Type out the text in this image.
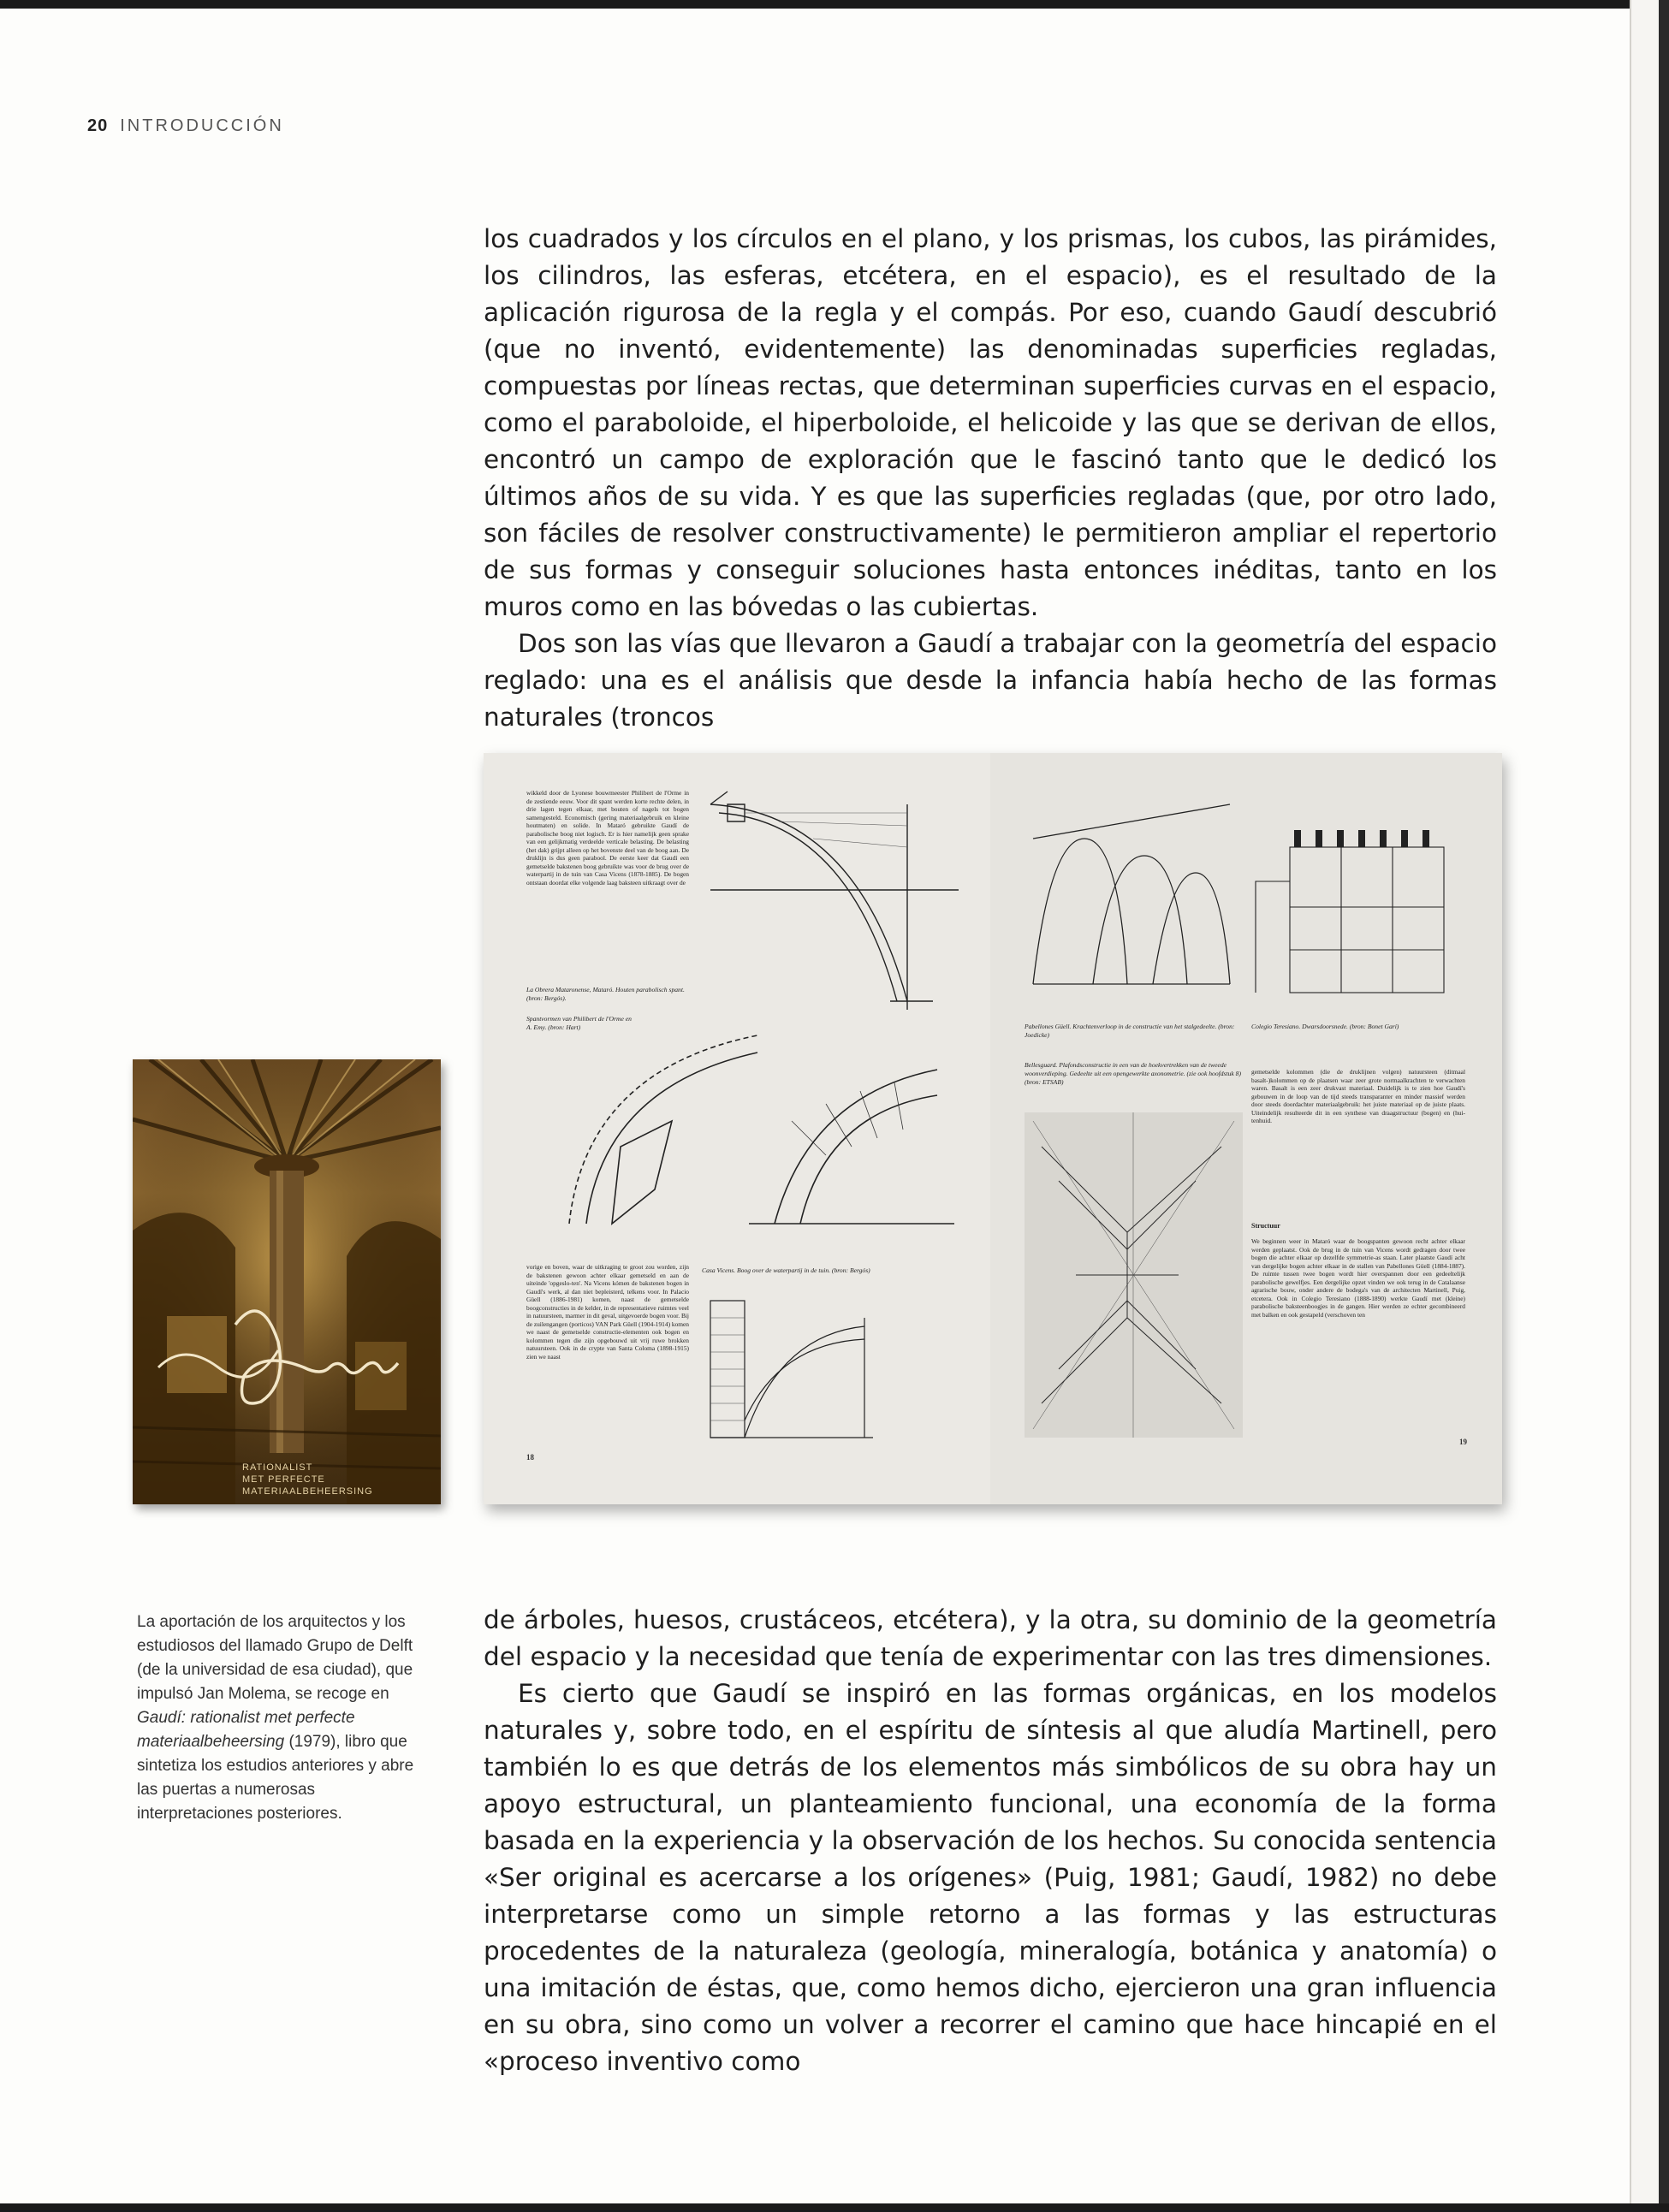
20 INTRODUCCIÓN

los cuadrados y los círculos en el plano, y los prismas, los cubos, las pirámides, los cilindros, las esferas, etcétera, en el espacio), es el resultado de la aplicación rigurosa de la regla y el compás. Por eso, cuando Gaudí descubrió (que no inventó, evidentemente) las denominadas superficies regladas, compuestas por líneas rectas, que determinan superficies curvas en el espacio, como el paraboloide, el hiperboloide, el helicoide y las que se derivan de ellos, encontró un campo de exploración que le fascinó tanto que le dedicó los últimos años de su vida. Y es que las superficies regladas (que, por otro lado, son fáciles de resolver constructivamente) le permitieron ampliar el repertorio de sus formas y conseguir soluciones hasta entonces inéditas, tanto en los muros como en las bóvedas o las cubiertas.

Dos son las vías que llevaron a Gaudí a trabajar con la geometría del espacio reglado: una es el análisis que desde la infancia había hecho de las formas naturales (troncos

RATIONALIST
MET PERFECTE MATERIAALBEHEERSING
wikkeld door de Lyonese bouwmeester Philibert de l'Orme in de zestiende eeuw. Voor dit spant werden korte rechte delen, in drie lagen tegen elkaar, met bouten of nagels tot bogen samengesteld. Economisch (gering materiaalgebruik en kleine houtmaten) en solide. In Mataró gebruikte Gaudí de parabolische boog niet logisch. Er is hier namelijk geen sprake van een gelijkmatig verdeelde verticale belasting. De belasting (het dak) grijpt alleen op het bovenste deel van de boog aan. De druklijn is dus geen parabool. De eerste keer dat Gaudí een gemetselde bakstenen boog gebruikte was voor de brug over de waterpartij in de tuin van Casa Vicens (1878-1885). De bogen ontstaan doordat elke volgende laag baksteen uitkraagt over de
La Obrera Mataronense, Mataró. Houten parabolisch spant. (bron: Bergós).
Spantvormen van Philibert de l'Orme en A. Emy. (bron: Hart)
vorige en boven, waar de uitkraging te groot zou worden, zijn de bakstenen gewoon achter elkaar gemetseld en aan de uiteinde 'opgeslo-ten'. Na Vicens kómen de bakstenen bogen in Gaudí's werk, al dan niet bepleisterd, telkens voor. In Palacio Güell (1886-1981) komen, naast de gemetselde boogconstructies in de kelder, in de representatieve ruimtes veel in natuursteen, marmer in dit geval, uitgevoerde bogen voor. Bij de zuilengangen (porticos) VAN Park Güell (1904-1914) komen we naast de gemetselde constructie-elementen ook bogen en kolommen tegen die zijn opgebouwd uit vrij ruwe brokken natuursteen. Ook in de crypte van Santa Coloma (1898-1915) zien we naast
Casa Vicens. Boog over de waterpartij in de tuin. (bron: Bergós)
18
Pabellones Güell. Krachtenverloop in de constructie van het stalgedeelte. (bron: Joedicke)
Colegio Teresiano. Dwarsdoorsnede. (bron: Bonet Garí)
Bellesguard. Plafondsconstructie in een van de hoekvertrekken van de tweede woonverdieping. Gedeelte uit een opengewerkte axonometrie. (zie ook hoofdstuk 8) (bron: ETSAB)
gemetselde kolommen (die de druklijnen volgen) natuursteen (ditmaal basalt-)kolommen op de plaatsen waar zeer grote normaalkrachten te verwachten waren. Basalt is een zeer drukvast materiaal. Duidelijk is te zien hoe Gaudí's gebouwen in de loop van de tijd steeds transparanter en minder massief werden door steeds doordachter materiaalgebruik: het juiste materiaal op de juiste plaats. Uiteindelijk resulteerde dit in een synthese van draagstructuur (bogen) en (hui-tenhuid.
Structuur
We beginnen weer in Mataró waar de boogspanten gewoon recht achter elkaar werden geplaatst. Ook de brug in de tuin van Vicens wordt gedragen door twee bogen die achter elkaar op dezelfde symmetrie-as staan. Later plaatste Gaudí acht van dergelijke bogen achter elkaar in de stallen van Pabellones Güell (1884-1887). De ruimte tussen twee bogen wordt hier overspannen door een gedeeltelijk parabolische gewelfjes. Een dergelijke opzet vinden we ook terug in de Catalaanse agrarische bouw, onder andere de bodega's van de architecten Martinell, Puig, etcetera. Ook in Colegio Teresiano (1888-1890) werkte Gaudí met (kleine) parabolische baksteenboogjes in de gangen. Hier werden ze echter gecombineerd met balken en ook gestapeld (verschoven ten
19
La aportación de los arquitectos y los estudiosos del llamado Grupo de Delft (de la universidad de esa ciudad), que impulsó Jan Molema, se recoge en Gaudí: rationalist met perfecte materiaalbeheersing (1979), libro que sintetiza los estudios anteriores y abre las puertas a numerosas interpretaciones posteriores.

de árboles, huesos, crustáceos, etcétera), y la otra, su dominio de la geometría del espacio y la necesidad que tenía de experimentar con las tres dimensiones.

Es cierto que Gaudí se inspiró en las formas orgánicas, en los modelos naturales y, sobre todo, en el espíritu de síntesis al que aludía Martinell, pero también lo es que detrás de los elementos más simbólicos de su obra hay un apoyo estructural, un planteamiento funcional, una economía de la forma basada en la experiencia y la observación de los hechos. Su conocida sentencia «Ser original es acercarse a los orígenes» (Puig, 1981; Gaudí, 1982) no debe interpretarse como un simple retorno a las formas y las estructuras procedentes de la naturaleza (geología, mineralogía, botánica y anatomía) o una imitación de éstas, que, como hemos dicho, ejercieron una gran influencia en su obra, sino como un volver a recorrer el camino que hace hincapié en el «proceso inventivo como
